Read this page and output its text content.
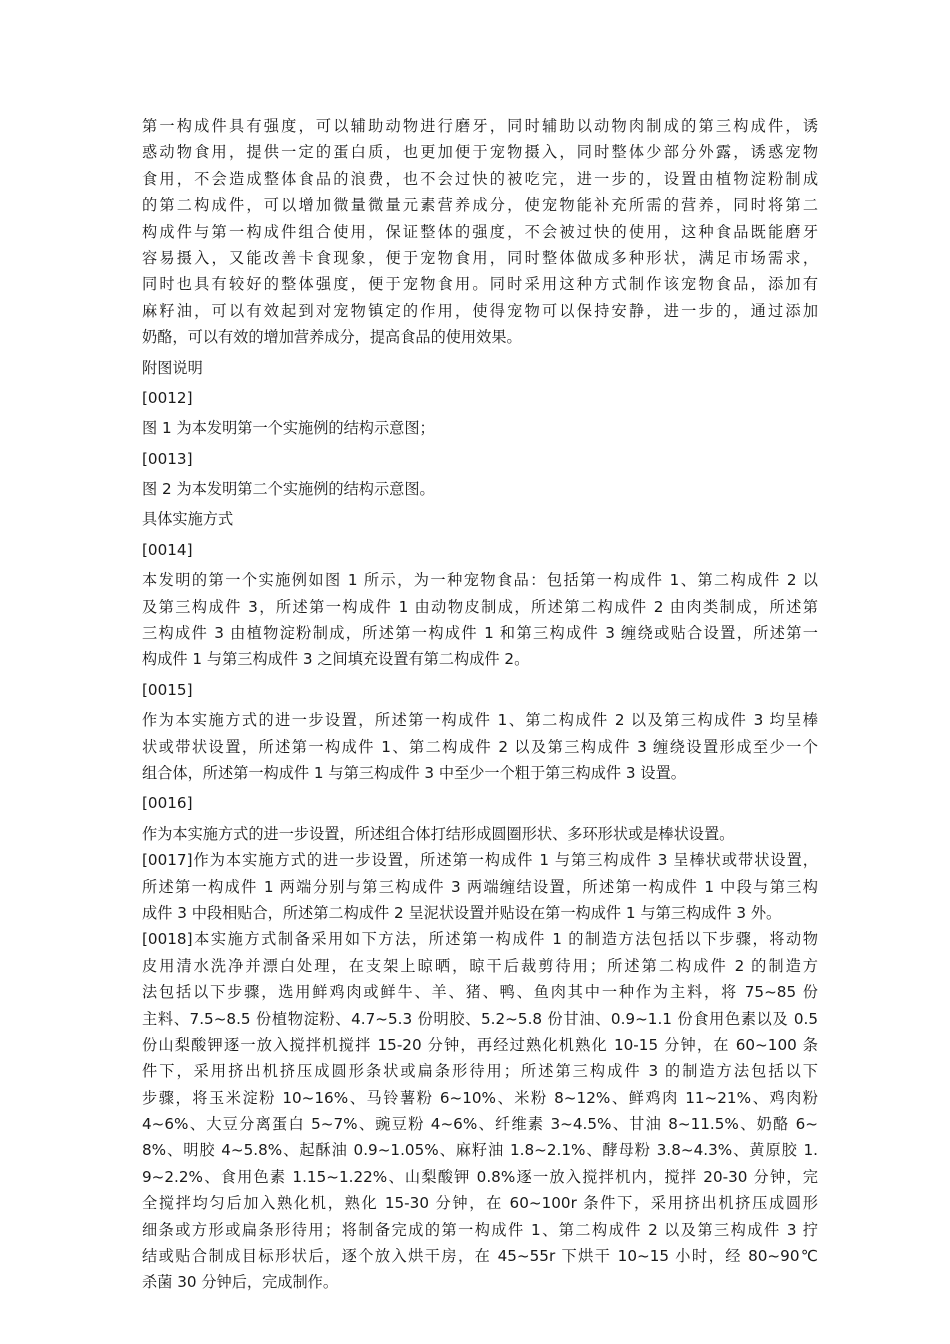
第一构成件具有强度，可以辅助动物进行磨牙，同时辅助以动物肉制成的第三构成件，诱
惑动物食用，提供一定的蛋白质，也更加便于宠物摄入，同时整体少部分外露，诱惑宠物
食用，不会造成整体食品的浪费，也不会过快的被吃完，进一步的，设置由植物淀粉制成
的第二构成件，可以增加微量微量元素营养成分，使宠物能补充所需的营养，同时将第二
构成件与第一构成件组合使用，保证整体的强度，不会被过快的使用，这种食品既能磨牙
容易摄入，又能改善卡食现象，便于宠物食用，同时整体做成多种形状，满足市场需求，
同时也具有较好的整体强度，便于宠物食用。同时采用这种方式制作该宠物食品，添加有
麻籽油，可以有效起到对宠物镇定的作用，使得宠物可以保持安静，进一步的，通过添加
奶酪，可以有效的增加营养成分，提高食品的使用效果。
附图说明
[0012]
图 1 为本发明第一个实施例的结构示意图；
[0013]
图 2 为本发明第二个实施例的结构示意图。
具体实施方式
[0014]
本发明的第一个实施例如图 1 所示，为一种宠物食品：包括第一构成件 1、第二构成件 2 以
及第三构成件 3，所述第一构成件 1 由动物皮制成，所述第二构成件 2 由肉类制成，所述第
三构成件 3 由植物淀粉制成，所述第一构成件 1 和第三构成件 3 缠绕或贴合设置，所述第一
构成件 1 与第三构成件 3 之间填充设置有第二构成件 2。
[0015]
作为本实施方式的进一步设置，所述第一构成件 1、第二构成件 2 以及第三构成件 3 均呈棒
状或带状设置，所述第一构成件 1、第二构成件 2 以及第三构成件 3 缠绕设置形成至少一个
组合体，所述第一构成件 1 与第三构成件 3 中至少一个粗于第三构成件 3 设置。
[0016]
作为本实施方式的进一步设置，所述组合体打结形成圆圈形状、多环形状或是棒状设置。
[0017]作为本实施方式的进一步设置，所述第一构成件 1 与第三构成件 3 呈棒状或带状设置，
所述第一构成件 1 两端分别与第三构成件 3 两端缠结设置，所述第一构成件 1 中段与第三构
成件 3 中段相贴合，所述第二构成件 2 呈泥状设置并贴设在第一构成件 1 与第三构成件 3 外。
[0018]本实施方式制备采用如下方法，所述第一构成件 1 的制造方法包括以下步骤，将动物
皮用清水洗净并漂白处理，在支架上晾晒，晾干后裁剪待用；所述第二构成件 2 的制造方
法包括以下步骤，选用鲜鸡肉或鲜牛、羊、猪、鸭、鱼肉其中一种作为主料，将 75~85 份
主料、7.5~8.5 份植物淀粉、4.7~5.3 份明胶、5.2~5.8 份甘油、0.9~1.1 份食用色素以及 0.5
份山梨酸钾逐一放入搅拌机搅拌 15-20 分钟，再经过熟化机熟化 10-15 分钟，在 60~100 条
件下，采用挤出机挤压成圆形条状或扁条形待用；所述第三构成件 3 的制造方法包括以下
步骤，将玉米淀粉 10~16%、马铃薯粉 6~10%、米粉 8~12%、鲜鸡肉 11~21%、鸡肉粉
4~6%、大豆分离蛋白 5~7%、豌豆粉 4~6%、纤维素 3~4.5%、甘油 8~11.5%、奶酪 6~
8%、明胶 4~5.8%、起酥油 0.9~1.05%、麻籽油 1.8~2.1%、酵母粉 3.8~4.3%、黄原胶 1.
9~2.2%、食用色素 1.15~1.22%、山梨酸钾 0.8%逐一放入搅拌机内，搅拌 20-30 分钟，完
全搅拌均匀后加入熟化机，熟化 15-30 分钟，在 60~100r 条件下，采用挤出机挤压成圆形
细条或方形或扁条形待用；将制备完成的第一构成件 1、第二构成件 2 以及第三构成件 3 拧
结或贴合制成目标形状后，逐个放入烘干房，在 45~55r 下烘干 10~15 小时，经 80~90℃
杀菌 30 分钟后，完成制作。
